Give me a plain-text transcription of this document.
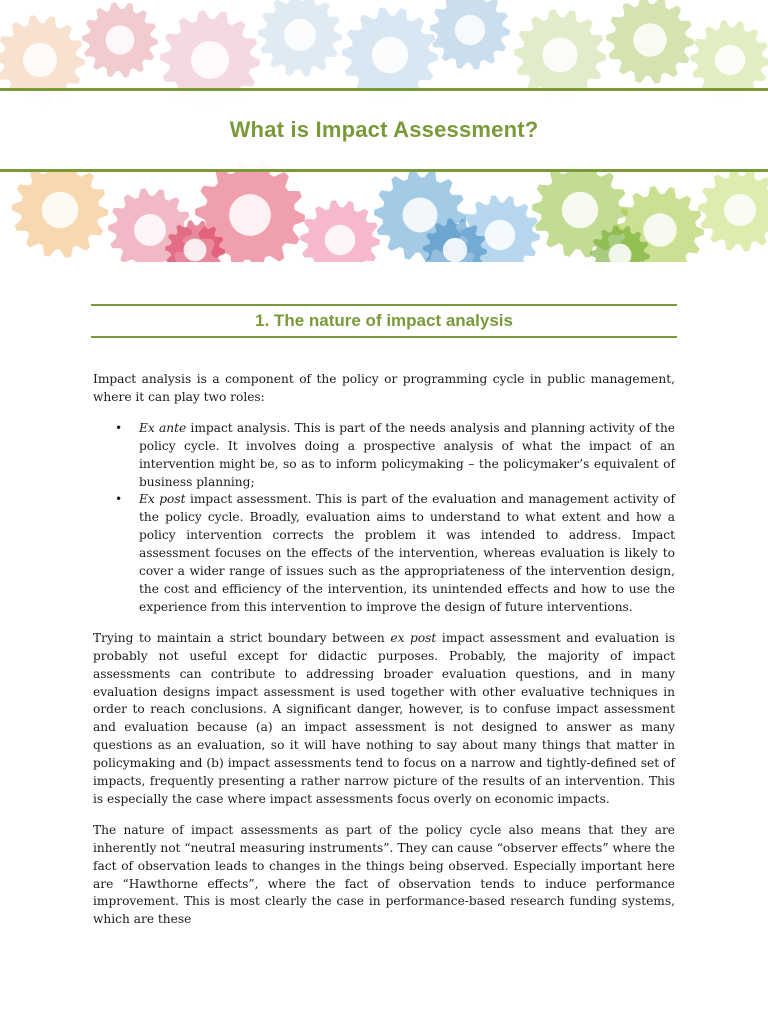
What is Impact Assessment?
1. The nature of impact analysis

Impact analysis is a component of the policy or programming cycle in public management, where it can play two roles:

• Ex ante impact analysis. This is part of the needs analysis and planning activity of the policy cycle. It involves doing a prospective analysis of what the impact of an intervention might be, so as to inform policymaking – the policymaker’s equivalent of business planning;
• Ex post impact assessment. This is part of the evaluation and management activity of the policy cycle. Broadly, evaluation aims to understand to what extent and how a policy intervention corrects the problem it was intended to address. Impact assessment focuses on the effects of the intervention, whereas evaluation is likely to cover a wider range of issues such as the appropriateness of the intervention design, the cost and efficiency of the intervention, its unintended effects and how to use the experience from this intervention to improve the design of future interventions.

Trying to maintain a strict boundary between ex post impact assessment and evaluation is probably not useful except for didactic purposes. Probably, the majority of impact assessments can contribute to addressing broader evaluation questions, and in many evaluation designs impact assessment is used together with other evaluative techniques in order to reach conclusions. A significant danger, however, is to confuse impact assessment and evaluation because (a) an impact assessment is not designed to answer as many questions as an evaluation, so it will have nothing to say about many things that matter in policymaking and (b) impact assessments tend to focus on a narrow and tightly-defined set of impacts, frequently presenting a rather narrow picture of the results of an intervention. This is especially the case where impact assessments focus overly on economic impacts.

The nature of impact assessments as part of the policy cycle also means that they are inherently not “neutral measuring instruments”. They can cause “observer effects” where the fact of observation leads to changes in the things being observed. Especially important here are “Hawthorne effects”, where the fact of observation tends to induce performance improvement. This is most clearly the case in performance-based research funding systems, which are these
